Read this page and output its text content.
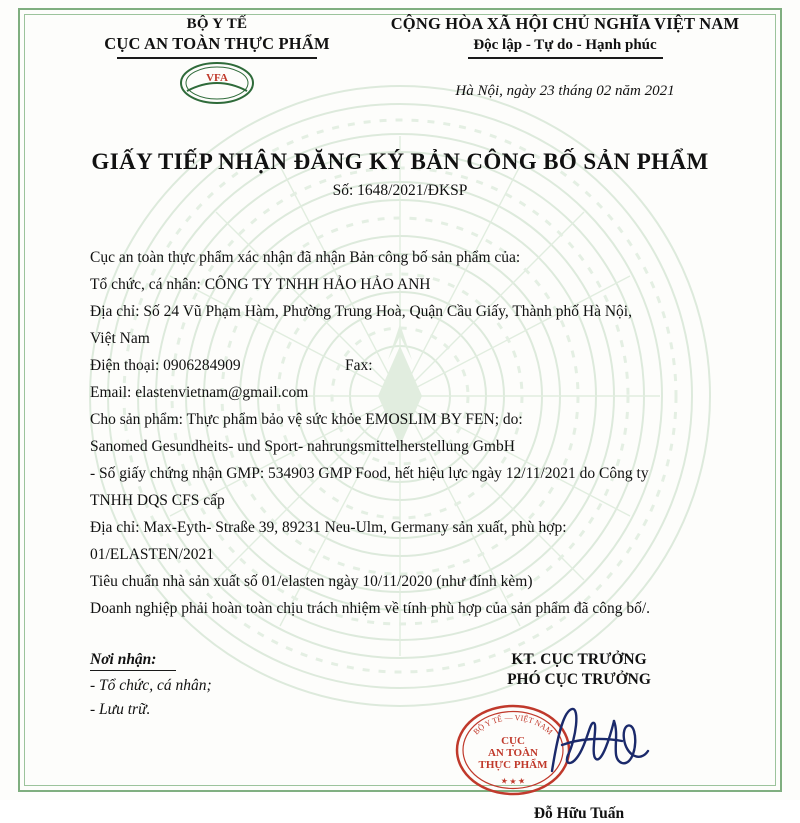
BỘ Y TẾ
CỤC AN TOÀN THỰC PHẨM
VFA
CỘNG HÒA XÃ HỘI CHỦ NGHĨA VIỆT NAM
Độc lập - Tự do - Hạnh phúc
Hà Nội, ngày 23 tháng 02 năm 2021
GIẤY TIẾP NHẬN ĐĂNG KÝ BẢN CÔNG BỐ SẢN PHẨM
Số: 1648/2021/ĐKSP

Cục an toàn thực phẩm xác nhận đã nhận Bản công bố sản phẩm của:

Tổ chức, cá nhân: CÔNG TY TNHH HẢO HẢO ANH

Địa chỉ: Số 24 Vũ Phạm Hàm, Phường Trung Hoà, Quận Cầu Giấy, Thành phố Hà Nội,

Việt Nam

Điện thoại: 0906284909	Fax:

Email: elastenvietnam@gmail.com

Cho sản phẩm: Thực phẩm bảo vệ sức khỏe EMOSLIM BY FEN; do:

Sanomed Gesundheits- und Sport- nahrungsmittelherstellung GmbH

- Số giấy chứng nhận GMP: 534903 GMP Food, hết hiệu lực ngày 12/11/2021 do Công ty

TNHH DQS CFS cấp

Địa chỉ: Max-Eyth- Straße 39, 89231 Neu-Ulm, Germany sản xuất, phù hợp:

01/ELASTEN/2021

Tiêu chuẩn nhà sản xuất số 01/elasten ngày 10/11/2020 (như đính kèm)

Doanh nghiệp phải hoàn toàn chịu trách nhiệm về tính phù hợp của sản phẩm đã công bố/.

Nơi nhận:
- Tổ chức, cá nhân;
- Lưu trữ.
KT. CỤC TRƯỞNG
PHÓ CỤC TRƯỞNG
BỘ Y TẾ — VIỆT NAM
CỤC
AN TOÀN
THỰC PHẨM
★ ★ ★
Đỗ Hữu Tuấn
